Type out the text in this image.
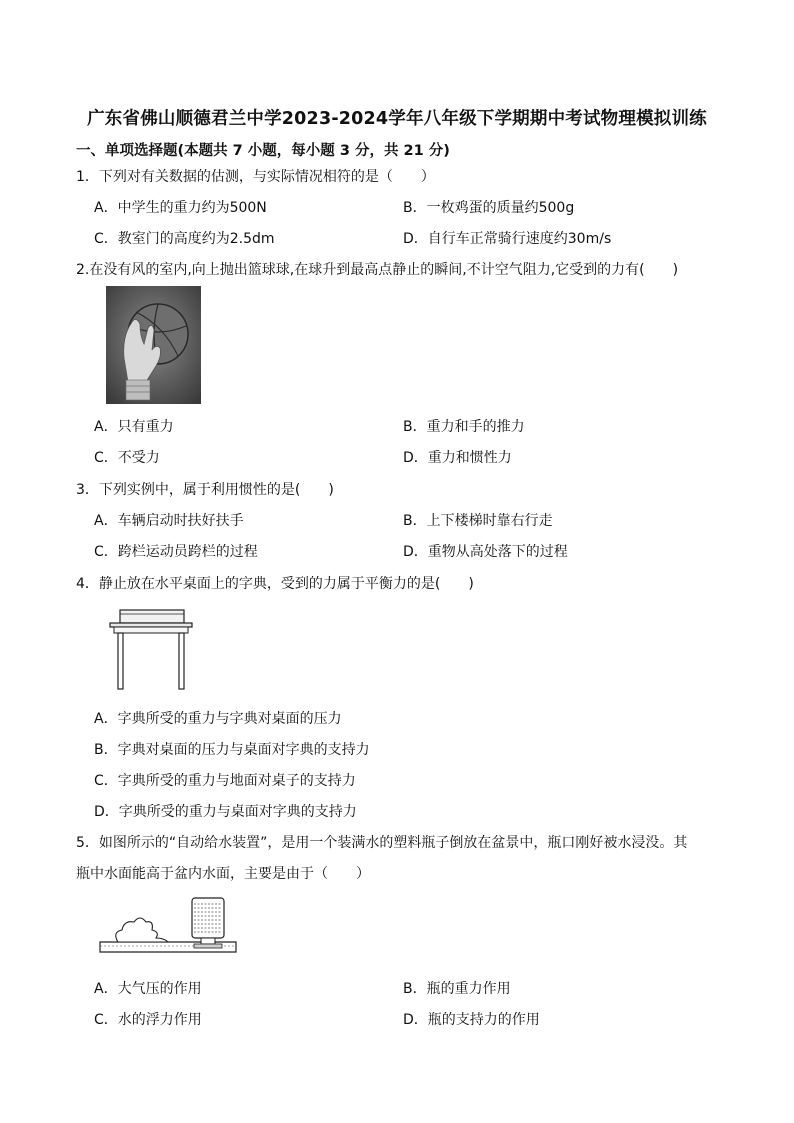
广东省佛山顺德君兰中学2023-2024学年八年级下学期期中考试物理模拟训练
一、单项选择题(本题共 7 小题，每小题 3 分，共 21 分)
1．下列对有关数据的估测，与实际情况相符的是（　　）
A．中学生的重力约为500N	B．一枚鸡蛋的质量约500g
C．教室门的高度约为2.5dm	D．自行车正常骑行速度约30m/s
2.在没有风的室内,向上抛出篮球球,在球升到最高点静止的瞬间,不计空气阻力,它受到的力有(　　)
A．只有重力	B．重力和手的推力
C．不受力	D．重力和惯性力
3．下列实例中，属于利用惯性的是(　　)
A．车辆启动时扶好扶手	B．上下楼梯时靠右行走
C．跨栏运动员跨栏的过程	D．重物从高处落下的过程
4．静止放在水平桌面上的字典，受到的力属于平衡力的是(　　)
A．字典所受的重力与字典对桌面的压力
B．字典对桌面的压力与桌面对字典的支持力
C．字典所受的重力与地面对桌子的支持力
D．字典所受的重力与桌面对字典的支持力
5．如图所示的“自动给水装置”，是用一个装满水的塑料瓶子倒放在盆景中，瓶口刚好被水浸没。其
瓶中水面能高于盆内水面，主要是由于（　　）
A．大气压的作用	B．瓶的重力作用
C．水的浮力作用	D．瓶的支持力的作用
